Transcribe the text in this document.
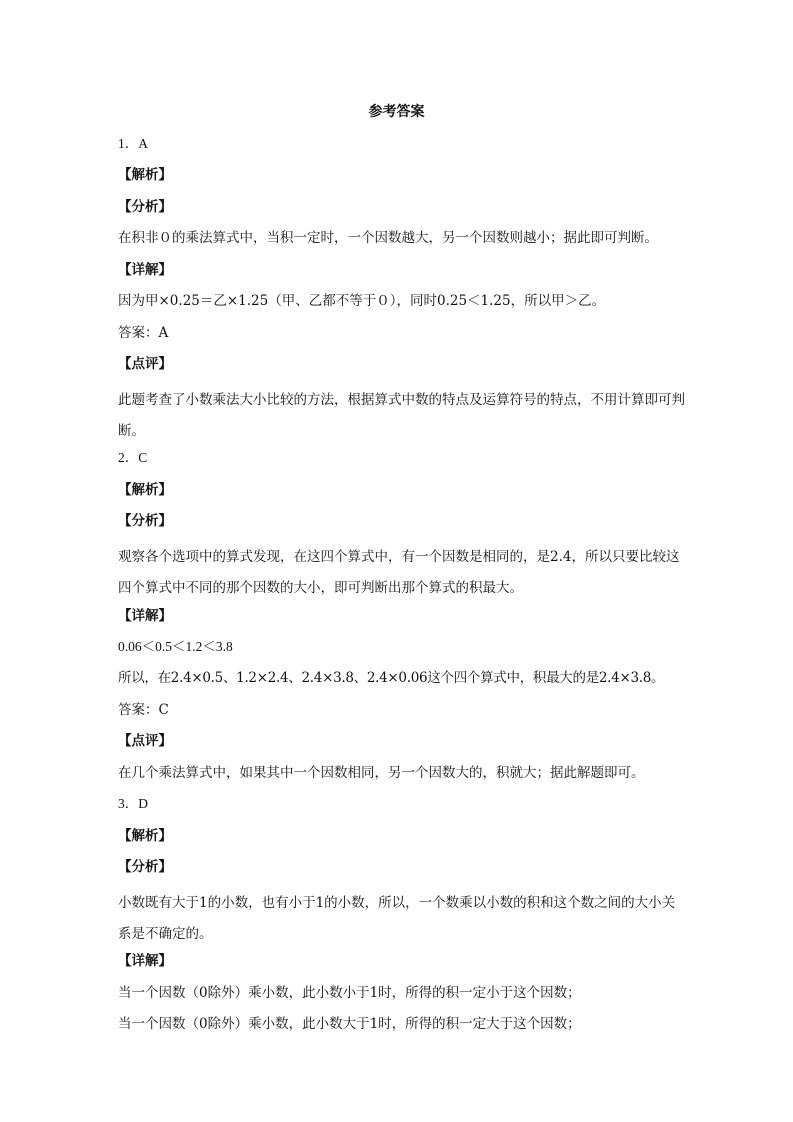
参考答案
1．A
【解析】
【分析】
在积非０的乘法算式中，当积一定时，一个因数越大，另一个因数则越小；据此即可判断。
【详解】
因为甲×0.25＝乙×1.25（甲、乙都不等于０），同时0.25＜1.25，所以甲＞乙。
答案：A
【点评】
此题考查了小数乘法大小比较的方法，根据算式中数的特点及运算符号的特点，不用计算即可判断。
2．C
【解析】
【分析】
观察各个选项中的算式发现，在这四个算式中，有一个因数是相同的，是2.4，所以只要比较这四个算式中不同的那个因数的大小，即可判断出那个算式的积最大。
【详解】
0.06＜0.5＜1.2＜3.8
所以，在2.4×0.5、1.2×2.4、2.4×3.8、2.4×0.06这个四个算式中，积最大的是2.4×3.8。
答案：C
【点评】
在几个乘法算式中，如果其中一个因数相同，另一个因数大的，积就大；据此解题即可。
3．D
【解析】
【分析】
小数既有大于1的小数，也有小于1的小数，所以，一个数乘以小数的积和这个数之间的大小关系是不确定的。
【详解】
当一个因数（0除外）乘小数，此小数小于1时，所得的积一定小于这个因数；
当一个因数（0除外）乘小数，此小数大于1时，所得的积一定大于这个因数；
